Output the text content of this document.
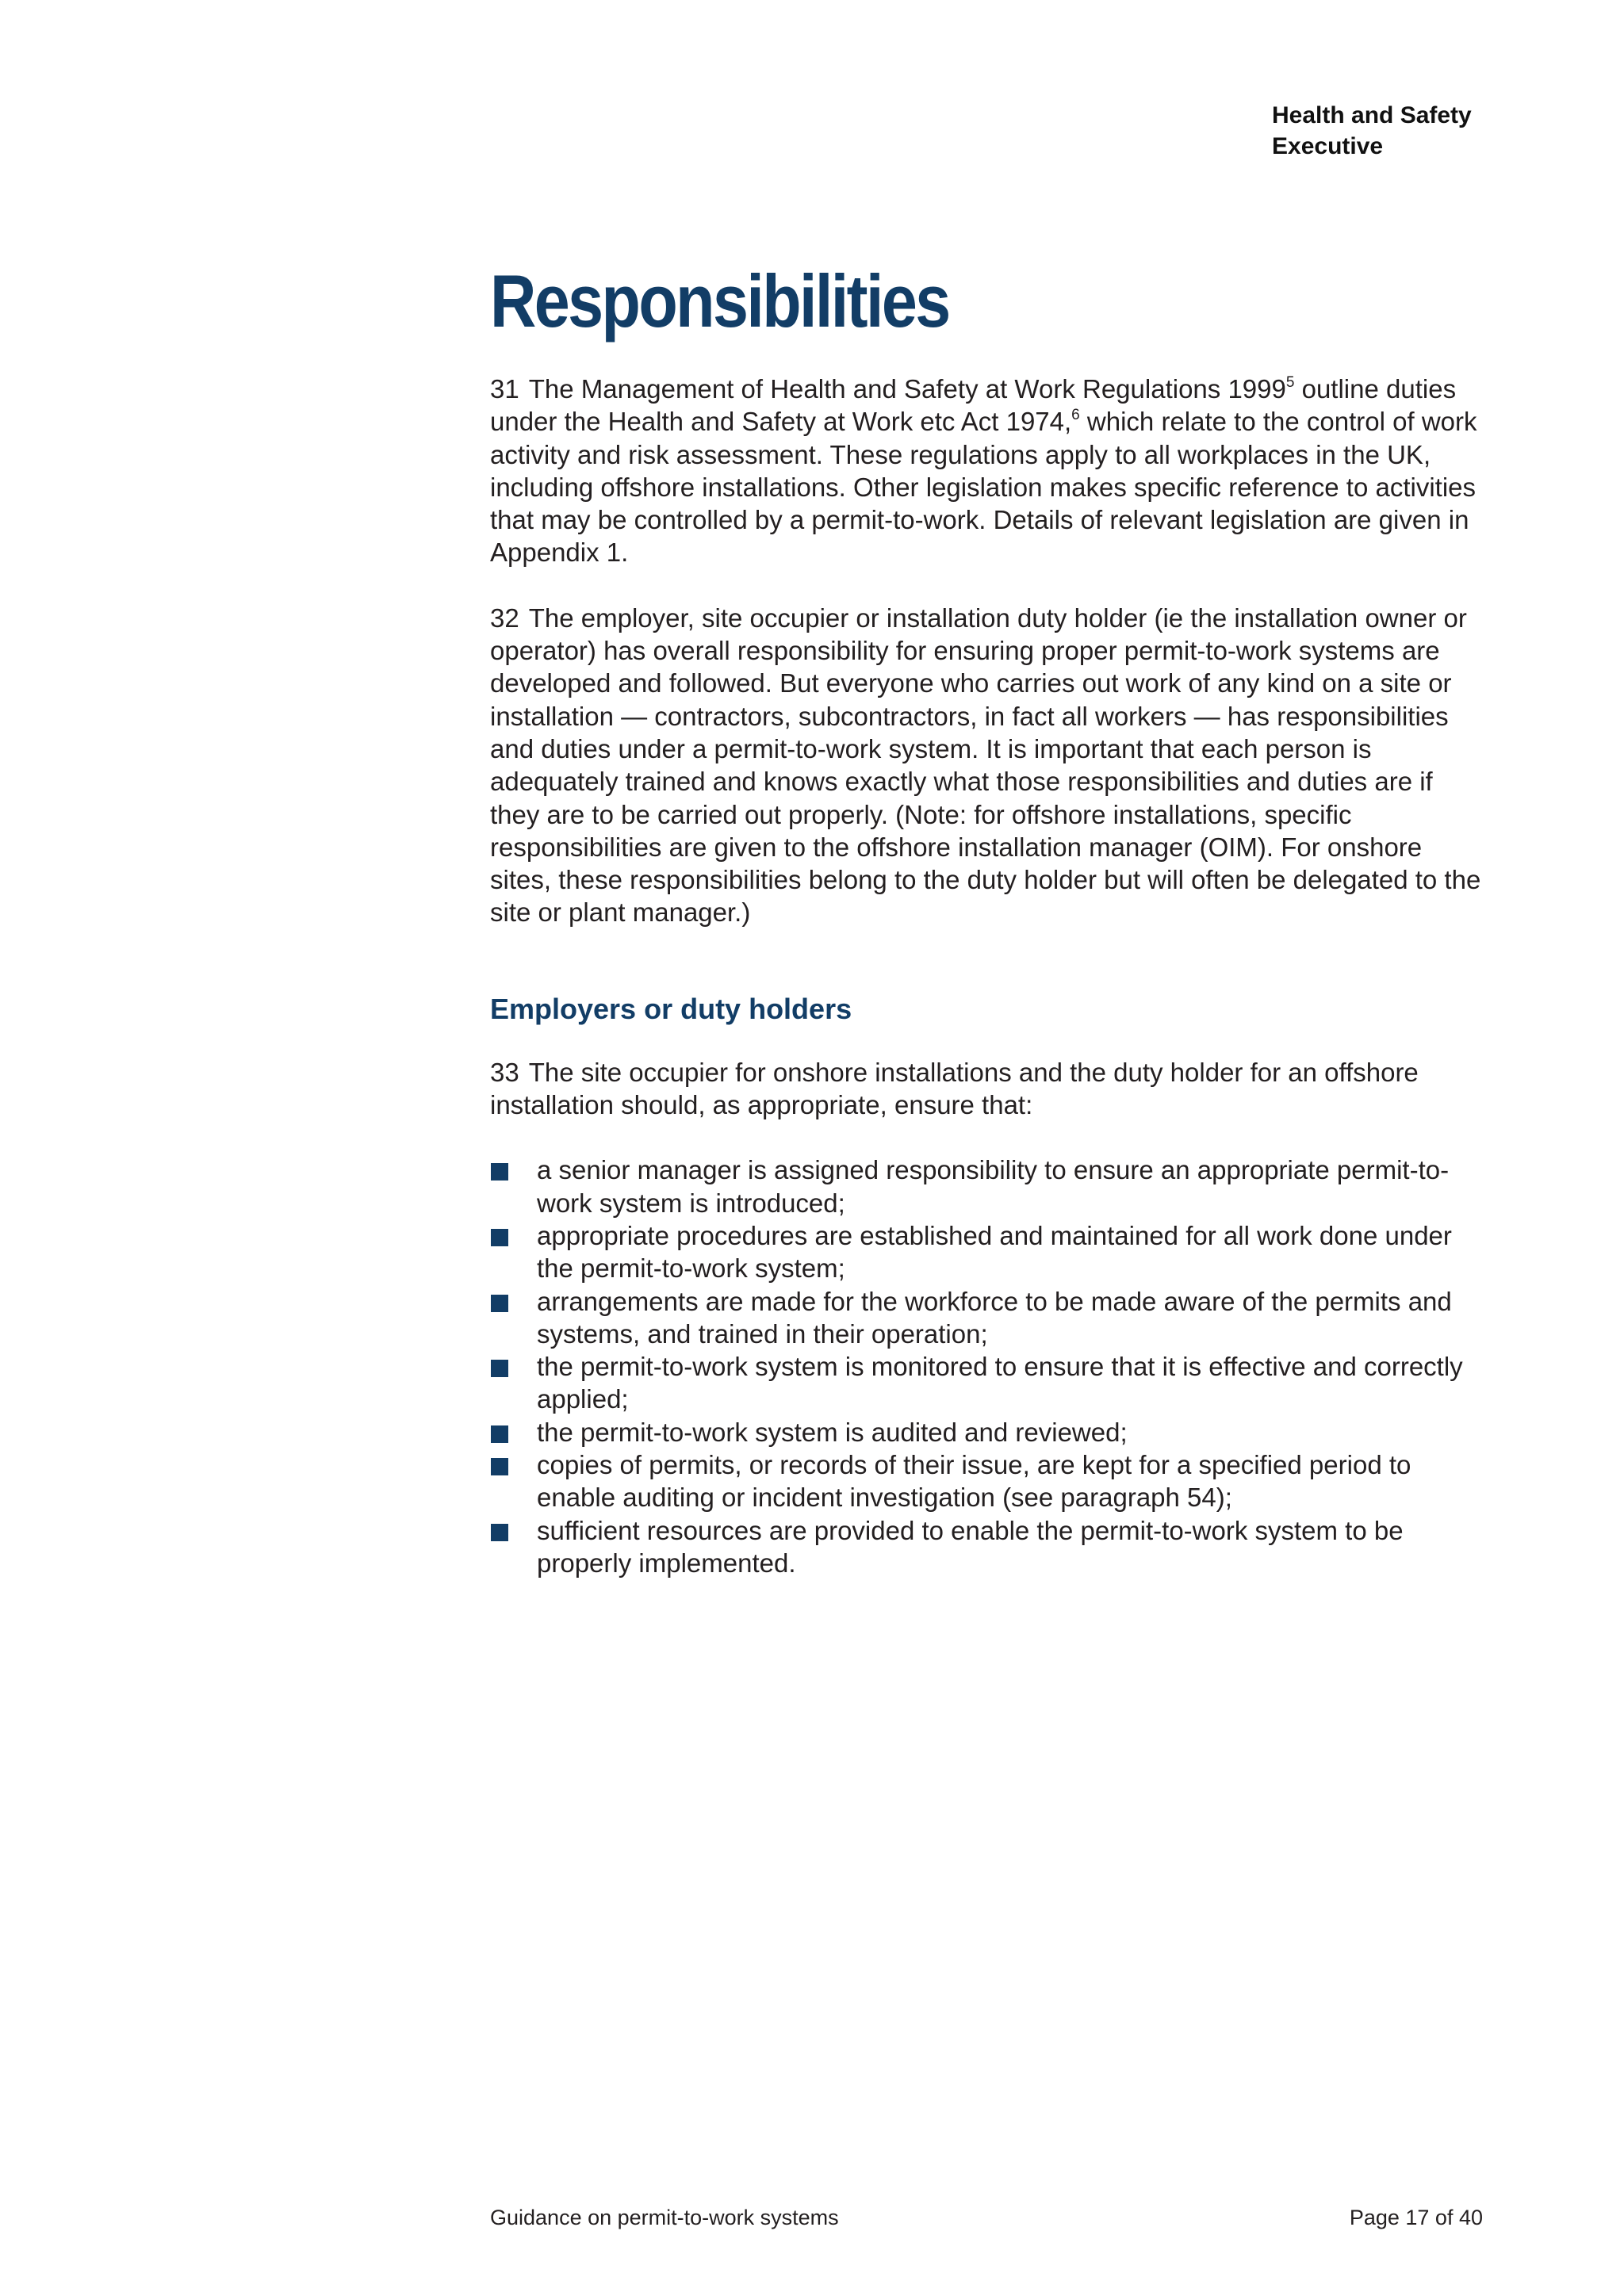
Health and Safety
Executive
Responsibilities

31 The Management of Health and Safety at Work Regulations 1999$^5$ outline duties under the Health and Safety at Work etc Act 1974,$^6$ which relate to the control of work activity and risk assessment. These regulations apply to all workplaces in the UK, including offshore installations. Other legislation makes specific reference to activities that may be controlled by a permit-to-work. Details of relevant legislation are given in Appendix 1.

32 The employer, site occupier or installation duty holder (ie the installation owner or operator) has overall responsibility for ensuring proper permit-to-work systems are developed and followed. But everyone who carries out work of any kind on a site or installation — contractors, subcontractors, in fact all workers — has responsibilities and duties under a permit-to-work system. It is important that each person is adequately trained and knows exactly what those responsibilities and duties are if they are to be carried out properly. (Note: for offshore installations, specific responsibilities are given to the offshore installation manager (OIM). For onshore sites, these responsibilities belong to the duty holder but will often be delegated to the site or plant manager.)

Employers or duty holders

33 The site occupier for onshore installations and the duty holder for an offshore installation should, as appropriate, ensure that:

a senior manager is assigned responsibility to ensure an appropriate permit-to-work system is introduced;
appropriate procedures are established and maintained for all work done under the permit-to-work system;
arrangements are made for the workforce to be made aware of the permits and systems, and trained in their operation;
the permit-to-work system is monitored to ensure that it is effective and correctly applied;
the permit-to-work system is audited and reviewed;
copies of permits, or records of their issue, are kept for a specified period to enable auditing or incident investigation (see paragraph 54);
sufficient resources are provided to enable the permit-to-work system to be properly implemented.
Guidance on permit-to-work systems	Page 17 of 40
